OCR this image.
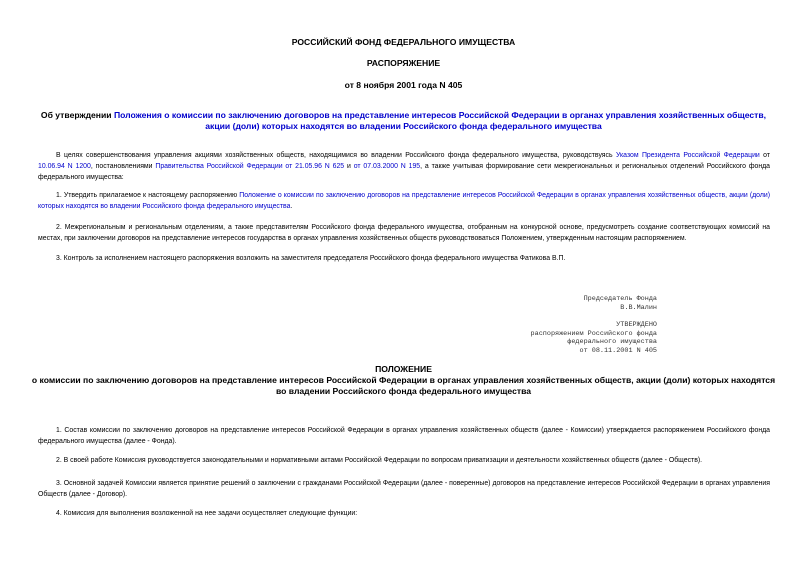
РОССИЙСКИЙ ФОНД ФЕДЕРАЛЬНОГО ИМУЩЕСТВА
РАСПОРЯЖЕНИЕ
от 8 ноября 2001 года N 405
Об утверждении Положения о комиссии по заключению договоров на представление интересов Российской Федерации в органах управления хозяйственных обществ, акции (доли) которых находятся во владении Российского фонда федерального имущества
В целях совершенствования управления акциями хозяйственных обществ, находящимися во владении Российского фонда федерального имущества, руководствуясь Указом Президента Российской Федерации от 10.06.94 N 1200, постановлениями Правительства Российской Федерации от 21.05.96 N 625 и от 07.03.2000 N 195, а также учитывая формирование сети межрегиональных и региональных отделений Российского фонда федерального имущества:
1. Утвердить прилагаемое к настоящему распоряжению Положение о комиссии по заключению договоров на представление интересов Российской Федерации в органах управления хозяйственных обществ, акции (доли) которых находятся во владении Российского фонда федерального имущества.
2. Межрегиональным и региональным отделениям, а также представителям Российского фонда федерального имущества, отобранным на конкурсной основе, предусмотреть создание соответствующих комиссий на местах, при заключении договоров на представление интересов государства в органах управления хозяйственных обществ руководствоваться Положением, утвержденным настоящим распоряжением.
3. Контроль за исполнением настоящего распоряжения возложить на заместителя председателя Российского фонда федерального имущества Фатикова В.П.
Председатель Фонда
В.В.Малин
УТВЕРЖДЕНО
распоряжением Российского фонда
федерального имущества
от 08.11.2001 N 405
ПОЛОЖЕНИЕ
о комиссии по заключению договоров на представление интересов Российской Федерации в органах управления хозяйственных обществ, акции (доли) которых находятся во владении Российского фонда федерального имущества
1. Состав комиссии по заключению договоров на представление интересов Российской Федерации в органах управления хозяйственных обществ (далее - Комиссии) утверждается распоряжением Российского фонда федерального имущества (далее - Фонда).
2. В своей работе Комиссия руководствуется законодательными и нормативными актами Российской Федерации по вопросам приватизации и деятельности хозяйственных обществ (далее - Обществ).
3. Основной задачей Комиссии является принятие решений о заключении с гражданами Российской Федерации (далее - поверенные) договоров на представление интересов Российской Федерации в органах управления Обществ (далее - Договор).
4. Комиссия для выполнения возложенной на нее задачи осуществляет следующие функции:
